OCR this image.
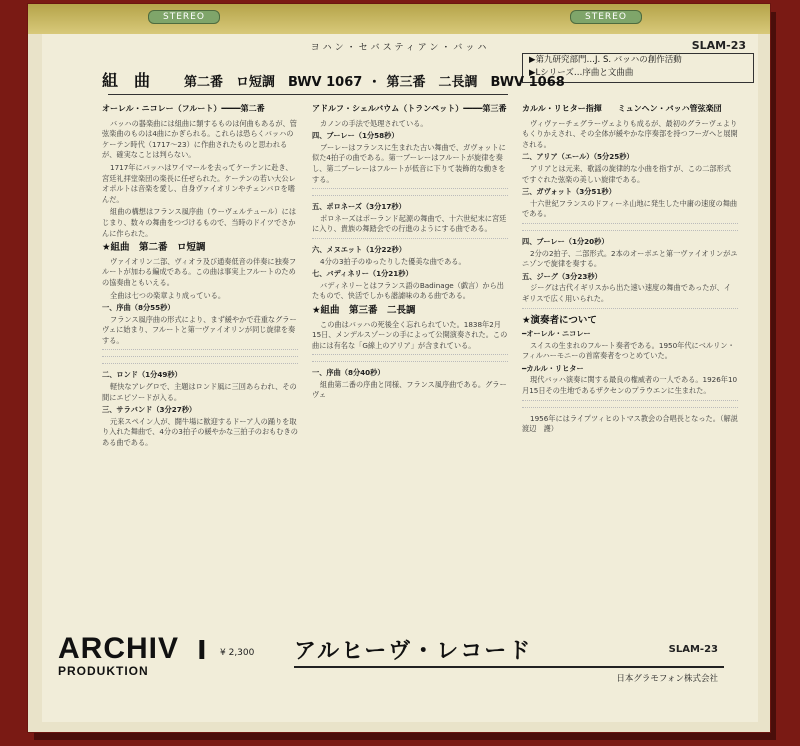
STEREO	STEREO
SLAM-23
ヨハン・セバスティアン・バッハ
▶第九研究部門…J. S. バッハの創作活動
▶Lシリーズ…序曲と文曲曲
組　曲	第二番　ロ短調　BWV 1067 ・ 第三番　二長調　BWV 1068
オーレル・ニコレー（フルート）━━━━第二番

バッハの器楽曲には組曲に類するものは何曲もあるが、管弦楽曲のものは4曲にかぎられる。これらは恐らくバッハのケーテン時代（1717〜23）に作曲されたものと思われるが、確実なことは判らない。

1717年にバッハはワイマールを去ってケーテンに赴き、宮廷礼拝堂楽団の楽長に任ぜられた。ケーテンの若い大公レオポルトは音楽を愛し、自身ヴァイオリンやチェンバロを嗜んだ。

組曲の構想はフランス風序曲（ウーヴェルテュール）にはじまり、数々の舞曲をつづけるもので、当時のドイツでさかんに作られた。

★組曲　第二番　ロ短調

ヴァイオリン二部、ヴィオラ及び通奏低音の伴奏に独奏フルートが加わる編成である。この曲は事実上フルートのための協奏曲ともいえる。

全曲は七つの楽章より成っている。

一、序曲（8分55秒）

フランス風序曲の形式により、まず緩やかで荘重なグラーヴェに始まり、フルートと第一ヴァイオリンが同じ旋律を奏する。

二、ロンド（1分49秒）

軽快なアレグロで、主題はロンド風に三回あらわれ、その間にエピソードが入る。

三、サラバンド（3分27秒）

元来スペイン人が、闘牛場に歓迎するドーア人の踊りを取り入れた舞曲で、4分の3拍子の緩やかな三拍子のおもむきのある曲である。

アドルフ・シェルバウム（トランペット）━━━━第三番

カノンの手法で処理されている。

四、ブーレー（1分58秒）

ブーレーはフランスに生まれた古い舞曲で、ガヴォットに似た4拍子の曲である。第一ブーレーはフルートが旋律を奏し、第二ブーレーはフルートが低音に下りて装飾的な動きをする。

五、ポロネーズ（3分17秒）

ポロネーズはポーランド起源の舞曲で、十六世紀末に宮廷に入り、貴族の舞踏会での行進のようにする曲である。

六、メヌエット（1分22秒）

4分の3拍子のゆったりした優美な曲である。

七、バディネリー（1分21秒）

バディネリーとはフランス語のBadinage（戯言）から出たもので、快活でしかも諧謔味のある曲である。

★組曲　第三番　二長調

この曲はバッハの死後全く忘れられていた。1838年2月15日、メンデルスゾーンの手によって公開演奏された。この曲には有名な「G線上のアリア」が含まれている。

一、序曲（8分40秒）

組曲第二番の序曲と同様、フランス風序曲である。グラーヴェ

カルル・リヒター指揮　　ミュンヘン・バッハ管弦楽団

ヴィヴァーチェグラーヴェよりも成るが、最初のグラーヴェよりもくりかえされ、その全体が緩やかな序奏部を持つフーガへと展開される。

二、アリア（エール）（5分25秒）

アリアとは元来、歌謡の旋律的な小曲を指すが、この二部形式ですぐれた弦楽の美しい旋律である。

三、ガヴォット（3分51秒）

十六世紀フランスのドフィーネ山地に発生した中庸の速度の舞曲である。

四、ブーレー（1分20秒）

2分の2拍子、二部形式。2本のオーボエと第一ヴァイオリンがユニゾンで旋律を奏する。

五、ジーグ（3分23秒）

ジーグは古代イギリスから出た速い速度の舞曲であったが、イギリスで広く用いられた。

★演奏者について

━オーレル・ニコレー

スイスの生まれのフルート奏者である。1950年代にベルリン・フィルハーモニーの首席奏者をつとめていた。

━カルル・リヒター

現代バッハ演奏に関する最良の権威者の一人である。1926年10月15日その生地であるザクセンのプラウエンに生まれた。

1956年にはライプツィヒのトマス教会の合唱長となった。（解説　渡辺　護）

ARCHIV
PRODUKTION
I ¥ 2,300 アルヒーヴ・レコード	SLAM-23
日本グラモフォン株式会社
